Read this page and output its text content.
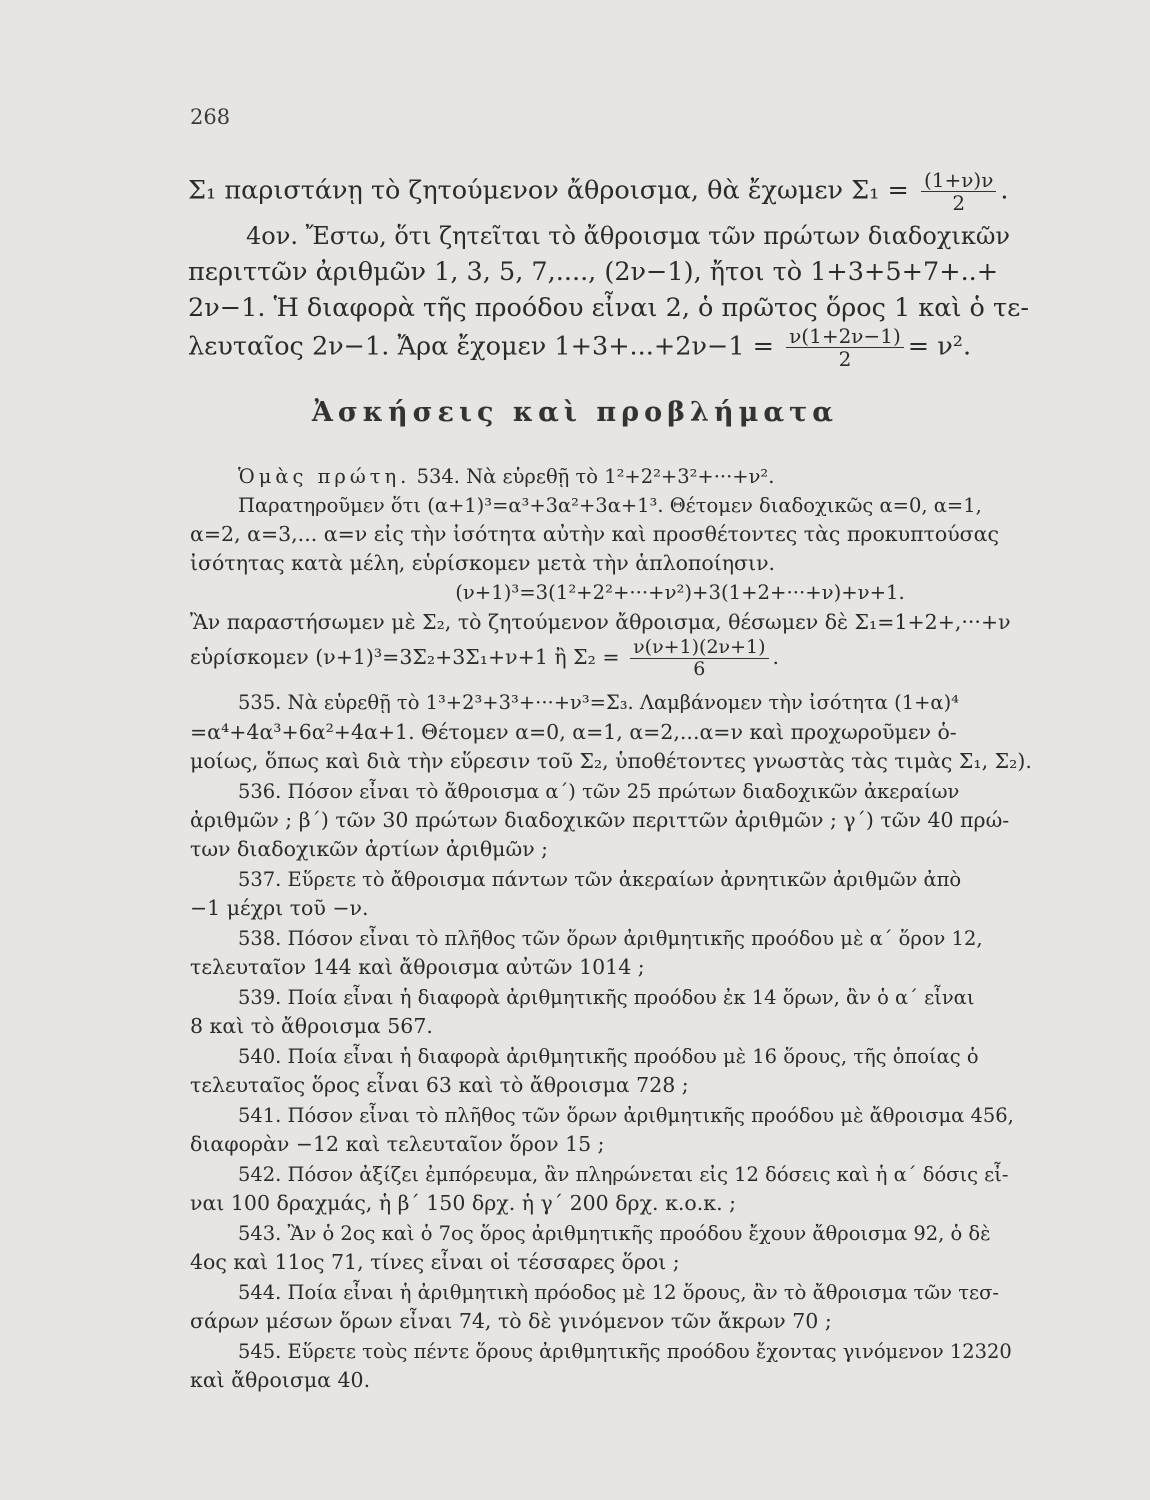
268
Σ₁ παριστάνῃ τὸ ζητούμενον ἄθροισμα, θὰ ἔχωμεν $\Sigma_1 = \frac{(1+\nu)\nu}{2}$ .
4ον. Ἔστω, ὅτι ζητεῖται τὸ ἄθροισμα τῶν πρώτων διαδοχικῶν
περιττῶν ἀριθμῶν 1, 3, 5, 7,...., (2ν−1), ἤτοι τὸ 1+3+5+7+..+
2ν−1. Ἡ διαφορὰ τῆς προόδου εἶναι 2, ὁ πρῶτος ὅρος 1 καὶ ὁ τε-
λευταῖος 2ν−1. Ἄρα ἔχομεν $1+3+...+2\nu-1 = \frac{\nu(1+2\nu-1)}{2} = \nu^2$.
Ἀσκήσεις καὶ προβλήματα
Ὁμὰς πρώτη. 534. Νὰ εὑρεθῇ τὸ 1²+2²+3²+···+ν².
Παρατηροῦμεν ὅτι (α+1)³=α³+3α²+3α+1³. Θέτομεν διαδοχικῶς α=0, α=1,
α=2, α=3,... α=ν εἰς τὴν ἰσότητα αὐτὴν καὶ προσθέτοντες τὰς προκυπτούσας
ἰσότητας κατὰ μέλη, εὑρίσκομεν μετὰ τὴν ἁπλοποίησιν.
(ν+1)³=3(1²+2²+···+ν²)+3(1+2+···+ν)+ν+1.
Ἂν παραστήσωμεν μὲ Σ₂, τὸ ζητούμενον ἄθροισμα, θέσωμεν δὲ Σ₁=1+2+,···+ν
εὑρίσκομεν (ν+1)³=3Σ₂+3Σ₁+ν+1 ἢ $\Sigma_2 = \frac{\nu(\nu+1)(2\nu+1)}{6}$ .
535. Νὰ εὑρεθῇ τὸ 1³+2³+3³+···+ν³=Σ₃. Λαμβάνομεν τὴν ἰσότητα (1+α)⁴
=α⁴+4α³+6α²+4α+1. Θέτομεν α=0, α=1, α=2,...α=ν καὶ προχωροῦμεν ὁ-
μοίως, ὅπως καὶ διὰ τὴν εὕρεσιν τοῦ Σ₂, ὑποθέτοντες γνωστὰς τὰς τιμὰς Σ₁, Σ₂).
536. Πόσον εἶναι τὸ ἄθροισμα α΄) τῶν 25 πρώτων διαδοχικῶν ἀκεραίων
ἀριθμῶν ; β΄) τῶν 30 πρώτων διαδοχικῶν περιττῶν ἀριθμῶν ; γ΄) τῶν 40 πρώ-
των διαδοχικῶν ἀρτίων ἀριθμῶν ;
537. Εὕρετε τὸ ἄθροισμα πάντων τῶν ἀκεραίων ἀρνητικῶν ἀριθμῶν ἀπὸ
−1 μέχρι τοῦ −ν.
538. Πόσον εἶναι τὸ πλῆθος τῶν ὅρων ἀριθμητικῆς προόδου μὲ α΄ ὅρον 12,
τελευταῖον 144 καὶ ἄθροισμα αὐτῶν 1014 ;
539. Ποία εἶναι ἡ διαφορὰ ἀριθμητικῆς προόδου ἐκ 14 ὅρων, ἂν ὁ α΄ εἶναι
8 καὶ τὸ ἄθροισμα 567.
540. Ποία εἶναι ἡ διαφορὰ ἀριθμητικῆς προόδου μὲ 16 ὅρους, τῆς ὁποίας ὁ
τελευταῖος ὅρος εἶναι 63 καὶ τὸ ἄθροισμα 728 ;
541. Πόσον εἶναι τὸ πλῆθος τῶν ὅρων ἀριθμητικῆς προόδου μὲ ἄθροισμα 456,
διαφορὰν −12 καὶ τελευταῖον ὅρον 15 ;
542. Πόσον ἀξίζει ἐμπόρευμα, ἂν πληρώνεται εἰς 12 δόσεις καὶ ἡ α΄ δόσις εἶ-
ναι 100 δραχμάς, ἡ β΄ 150 δρχ. ἡ γ΄ 200 δρχ. κ.ο.κ. ;
543. Ἂν ὁ 2ος καὶ ὁ 7ος ὅρος ἀριθμητικῆς προόδου ἔχουν ἄθροισμα 92, ὁ δὲ
4ος καὶ 11ος 71, τίνες εἶναι οἱ τέσσαρες ὅροι ;
544. Ποία εἶναι ἡ ἀριθμητικὴ πρόοδος μὲ 12 ὅρους, ἂν τὸ ἄθροισμα τῶν τεσ-
σάρων μέσων ὅρων εἶναι 74, τὸ δὲ γινόμενον τῶν ἄκρων 70 ;
545. Εὕρετε τοὺς πέντε ὅρους ἀριθμητικῆς προόδου ἔχοντας γινόμενον 12320
καὶ ἄθροισμα 40.
